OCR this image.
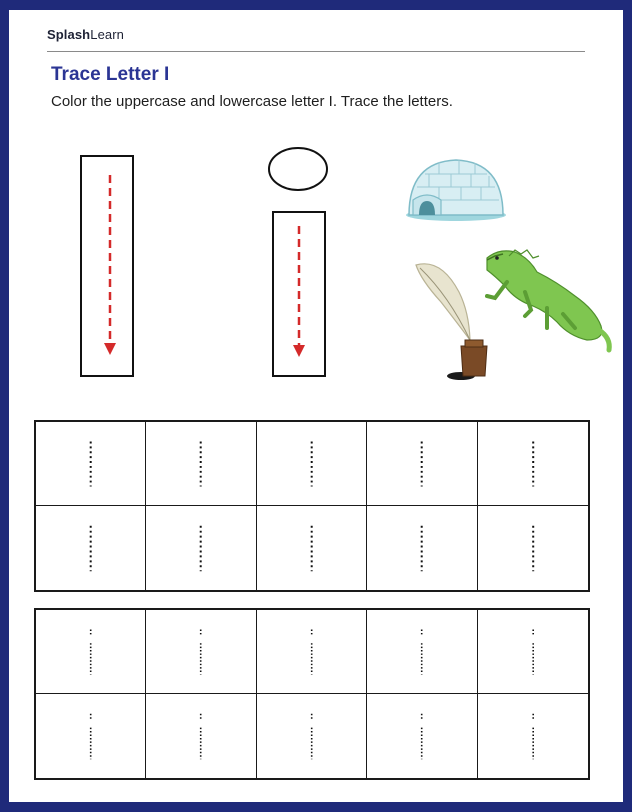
SplashLearn
Trace Letter I
Color the uppercase and lowercase letter I. Trace the letters.
